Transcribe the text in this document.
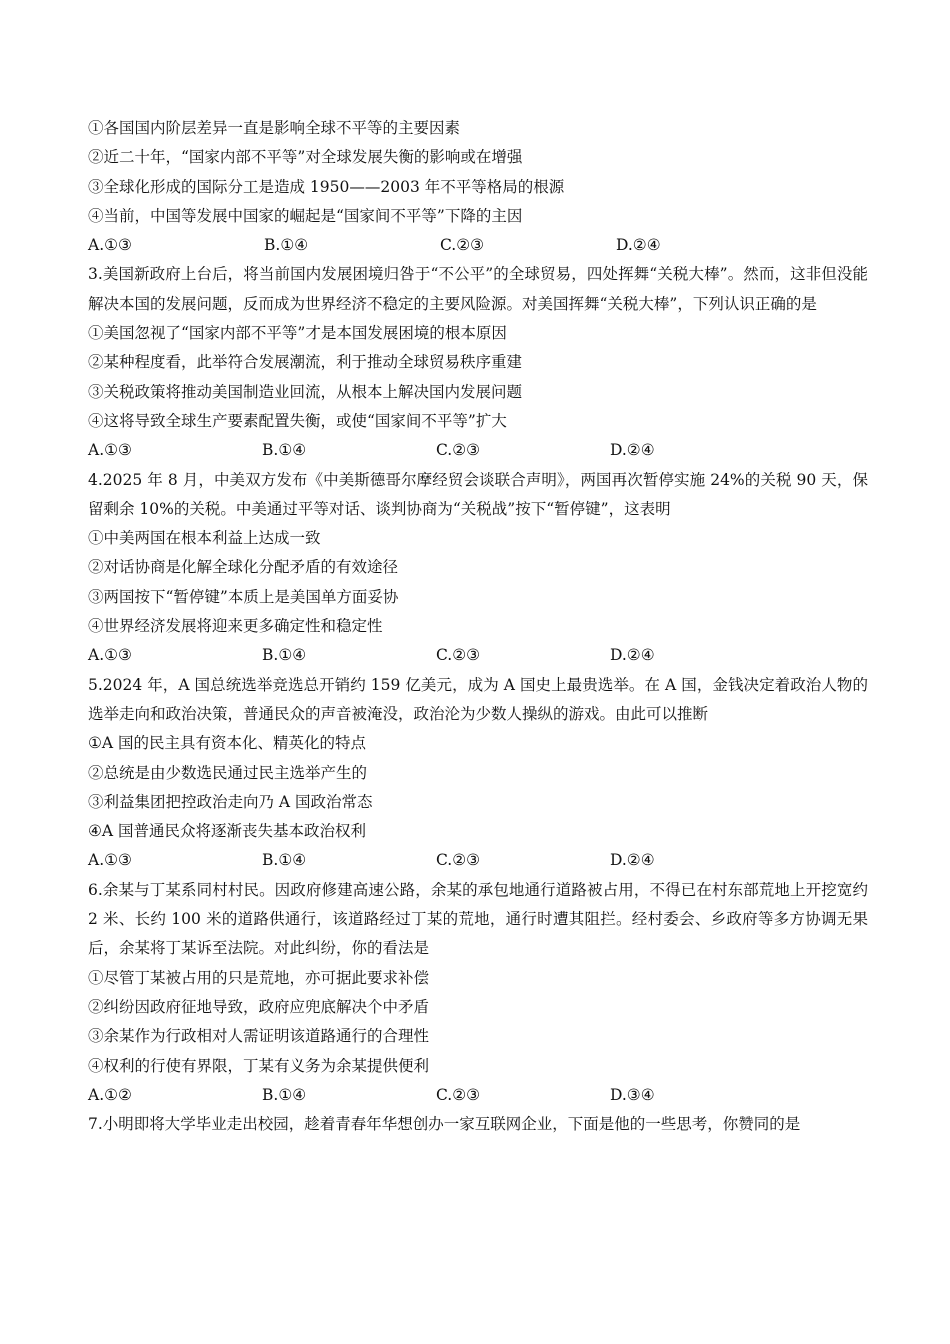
①各国国内阶层差异一直是影响全球不平等的主要因素
②近二十年，“国家内部不平等”对全球发展失衡的影响或在增强
③全球化形成的国际分工是造成 1950——2003 年不平等格局的根源
④当前，中国等发展中国家的崛起是“国家间不平等”下降的主因
A.①③	B.①④	C.②③	D.②④
3.美国新政府上台后，将当前国内发展困境归咎于“不公平”的全球贸易，四处挥舞“关税大棒”。然而，这非但没能解决本国的发展问题，反而成为世界经济不稳定的主要风险源。对美国挥舞“关税大棒”，下列认识正确的是
①美国忽视了“国家内部不平等”才是本国发展困境的根本原因
②某种程度看，此举符合发展潮流，利于推动全球贸易秩序重建
③关税政策将推动美国制造业回流，从根本上解决国内发展问题
④这将导致全球生产要素配置失衡，或使“国家间不平等”扩大
A.①③	B.①④	C.②③	D.②④
4.2025 年 8 月，中美双方发布《中美斯德哥尔摩经贸会谈联合声明》，两国再次暂停实施 24%的关税 90 天，保留剩余 10%的关税。中美通过平等对话、谈判协商为“关税战”按下“暂停键”，这表明
①中美两国在根本利益上达成一致
②对话协商是化解全球化分配矛盾的有效途径
③两国按下“暂停键”本质上是美国单方面妥协
④世界经济发展将迎来更多确定性和稳定性
A.①③	B.①④	C.②③	D.②④
5.2024 年，A 国总统选举竞选总开销约 159 亿美元，成为 A 国史上最贵选举。在 A 国，金钱决定着政治人物的选举走向和政治决策，普通民众的声音被淹没，政治沦为少数人操纵的游戏。由此可以推断
①A 国的民主具有资本化、精英化的特点
②总统是由少数选民通过民主选举产生的
③利益集团把控政治走向乃 A 国政治常态
④A 国普通民众将逐渐丧失基本政治权利
A.①③	B.①④	C.②③	D.②④
6.余某与丁某系同村村民。因政府修建高速公路，余某的承包地通行道路被占用，不得已在村东部荒地上开挖宽约 2 米、长约 100 米的道路供通行，该道路经过丁某的荒地，通行时遭其阻拦。经村委会、乡政府等多方协调无果后，余某将丁某诉至法院。对此纠纷，你的看法是
①尽管丁某被占用的只是荒地，亦可据此要求补偿
②纠纷因政府征地导致，政府应兜底解决个中矛盾
③余某作为行政相对人需证明该道路通行的合理性
④权利的行使有界限，丁某有义务为余某提供便利
A.①②	B.①④	C.②③	D.③④
7.小明即将大学毕业走出校园，趁着青春年华想创办一家互联网企业，下面是他的一些思考，你赞同的是
